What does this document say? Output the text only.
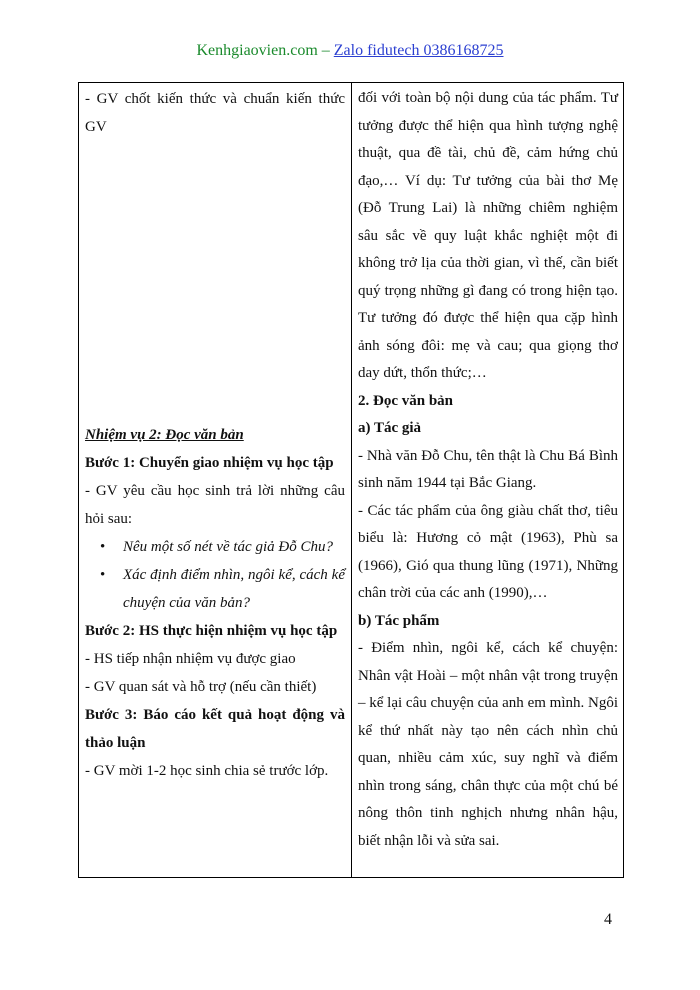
Kenhgiaovien.com – Zalo fidutech 0386168725

- GV chốt kiến thức và chuẩn kiến thức GV

Nhiệm vụ 2: Đọc văn bản

Bước 1: Chuyển giao nhiệm vụ học tập

- GV yêu cầu học sinh trả lời những câu hỏi sau:

• Nêu một số nét về tác giả Đỗ Chu?
• Xác định điểm nhìn, ngôi kể, cách kể chuyện của văn bản?

Bước 2: HS thực hiện nhiệm vụ học tập

- HS tiếp nhận nhiệm vụ được giao

- GV quan sát và hỗ trợ (nếu cần thiết)

Bước 3: Báo cáo kết quả hoạt động và thảo luận

- GV mời 1-2 học sinh chia sẻ trước lớp.

đối với toàn bộ nội dung của tác phẩm. Tư tưởng được thể hiện qua hình tượng nghệ thuật, qua đề tài, chủ đề, cảm hứng chủ đạo,… Ví dụ: Tư tưởng của bài thơ Mẹ (Đỗ Trung Lai) là những chiêm nghiệm sâu sắc về quy luật khắc nghiệt một đi không trở lịa của thời gian, vì thế, cần biết quý trọng những gì đang có trong hiện tạo. Tư tưởng đó được thể hiện qua cặp hình ảnh sóng đôi: mẹ và cau; qua giọng thơ day dứt, thổn thức;…

2. Đọc văn bản

a) Tác giả

- Nhà văn Đỗ Chu, tên thật là Chu Bá Bình sinh năm 1944 tại Bắc Giang.

- Các tác phẩm của ông giàu chất thơ, tiêu biểu là: Hương cỏ mật (1963), Phù sa (1966), Gió qua thung lũng (1971), Những chân trời của các anh (1990),…

b) Tác phẩm

- Điểm nhìn, ngôi kể, cách kể chuyện: Nhân vật Hoài – một nhân vật trong truyện – kể lại câu chuyện của anh em mình. Ngôi kể thứ nhất này tạo nên cách nhìn chủ quan, nhiều cảm xúc, suy nghĩ và điểm nhìn trong sáng, chân thực của một chú bé nông thôn tinh nghịch nhưng nhân hậu, biết nhận lỗi và sửa sai.

4
